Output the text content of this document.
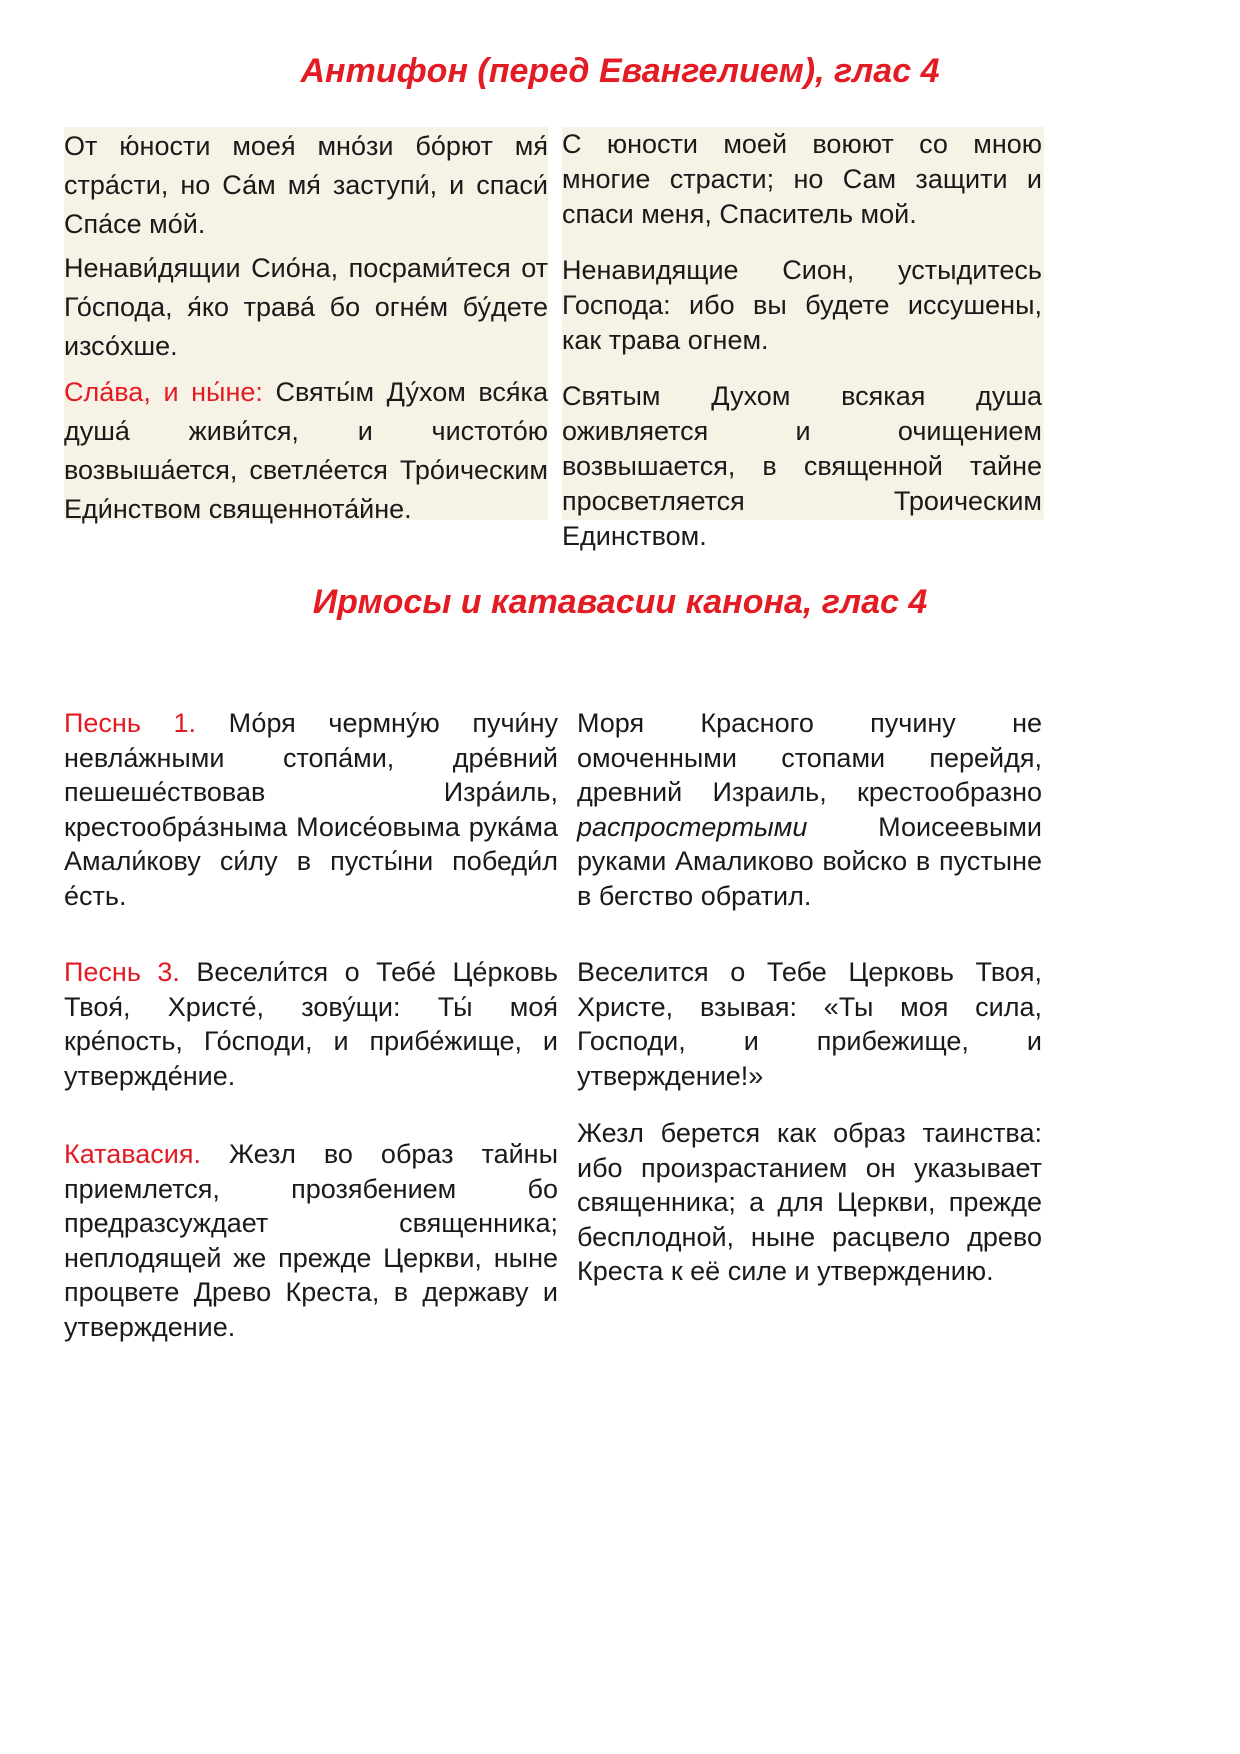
Антифон (перед Евангелием), глас 4

От ю́ности моея́ мно́зи бо́рют мя́ стра́сти, но Са́м мя́ заступи́, и спаси́ Спа́се мо́й.

Ненави́дящии Сио́на, посрами́теся от Го́спода, я́ко трава́ бо огне́м бу́дете изсо́хше.

Сла́ва, и ны́не: Святы́м Ду́хом вся́ка душа́ живи́тся, и чистото́ю возвыша́ется, светле́ется Тро́ическим Еди́нством священнота́йне.

С юности моей воюют со мною многие страсти; но Сам защити и спаси меня, Спаситель мой.

Ненавидящие Сион, устыдитесь Господа: ибо вы будете иссушены, как трава огнем.

Святым Духом всякая душа оживляется и очищением возвышается, в священной тайне просветляется Троическим Единством.

Ирмосы и катавасии канона, глас 4

Песнь 1. Мо́ря чермну́ю пучи́ну невла́жными стопа́ми, дре́вний пешеше́ствовав Изра́иль, крестообра́зныма Моисе́овыма рука́ма Амали́кову си́лу в пусты́ни победи́л е́сть.

Моря Красного пучину не омоченными стопами перейдя, древний Израиль, крестообразно распростертыми Моисеевыми руками Амаликово войско в пустыне в бегство обратил.

Песнь 3. Весели́тся о Тебе́ Це́рковь Твоя́, Христе́, зову́щи: Ты́ моя́ кре́пость, Го́споди, и прибе́жище, и утвержде́ние.

Веселится о Тебе Церковь Твоя, Христе, взывая: «Ты моя сила, Господи, и прибежище, и утверждение!»

Катавасия. Жезл во образ тайны приемлется, прозябением бо предразсуждает священника; неплодящей же прежде Церкви, ныне процвете Древо Креста, в державу и утверждение.

Жезл берется как образ таинства: ибо произрастанием он указывает священника; а для Церкви, прежде бесплодной, ныне расцвело древо Креста к её силе и утверждению.
